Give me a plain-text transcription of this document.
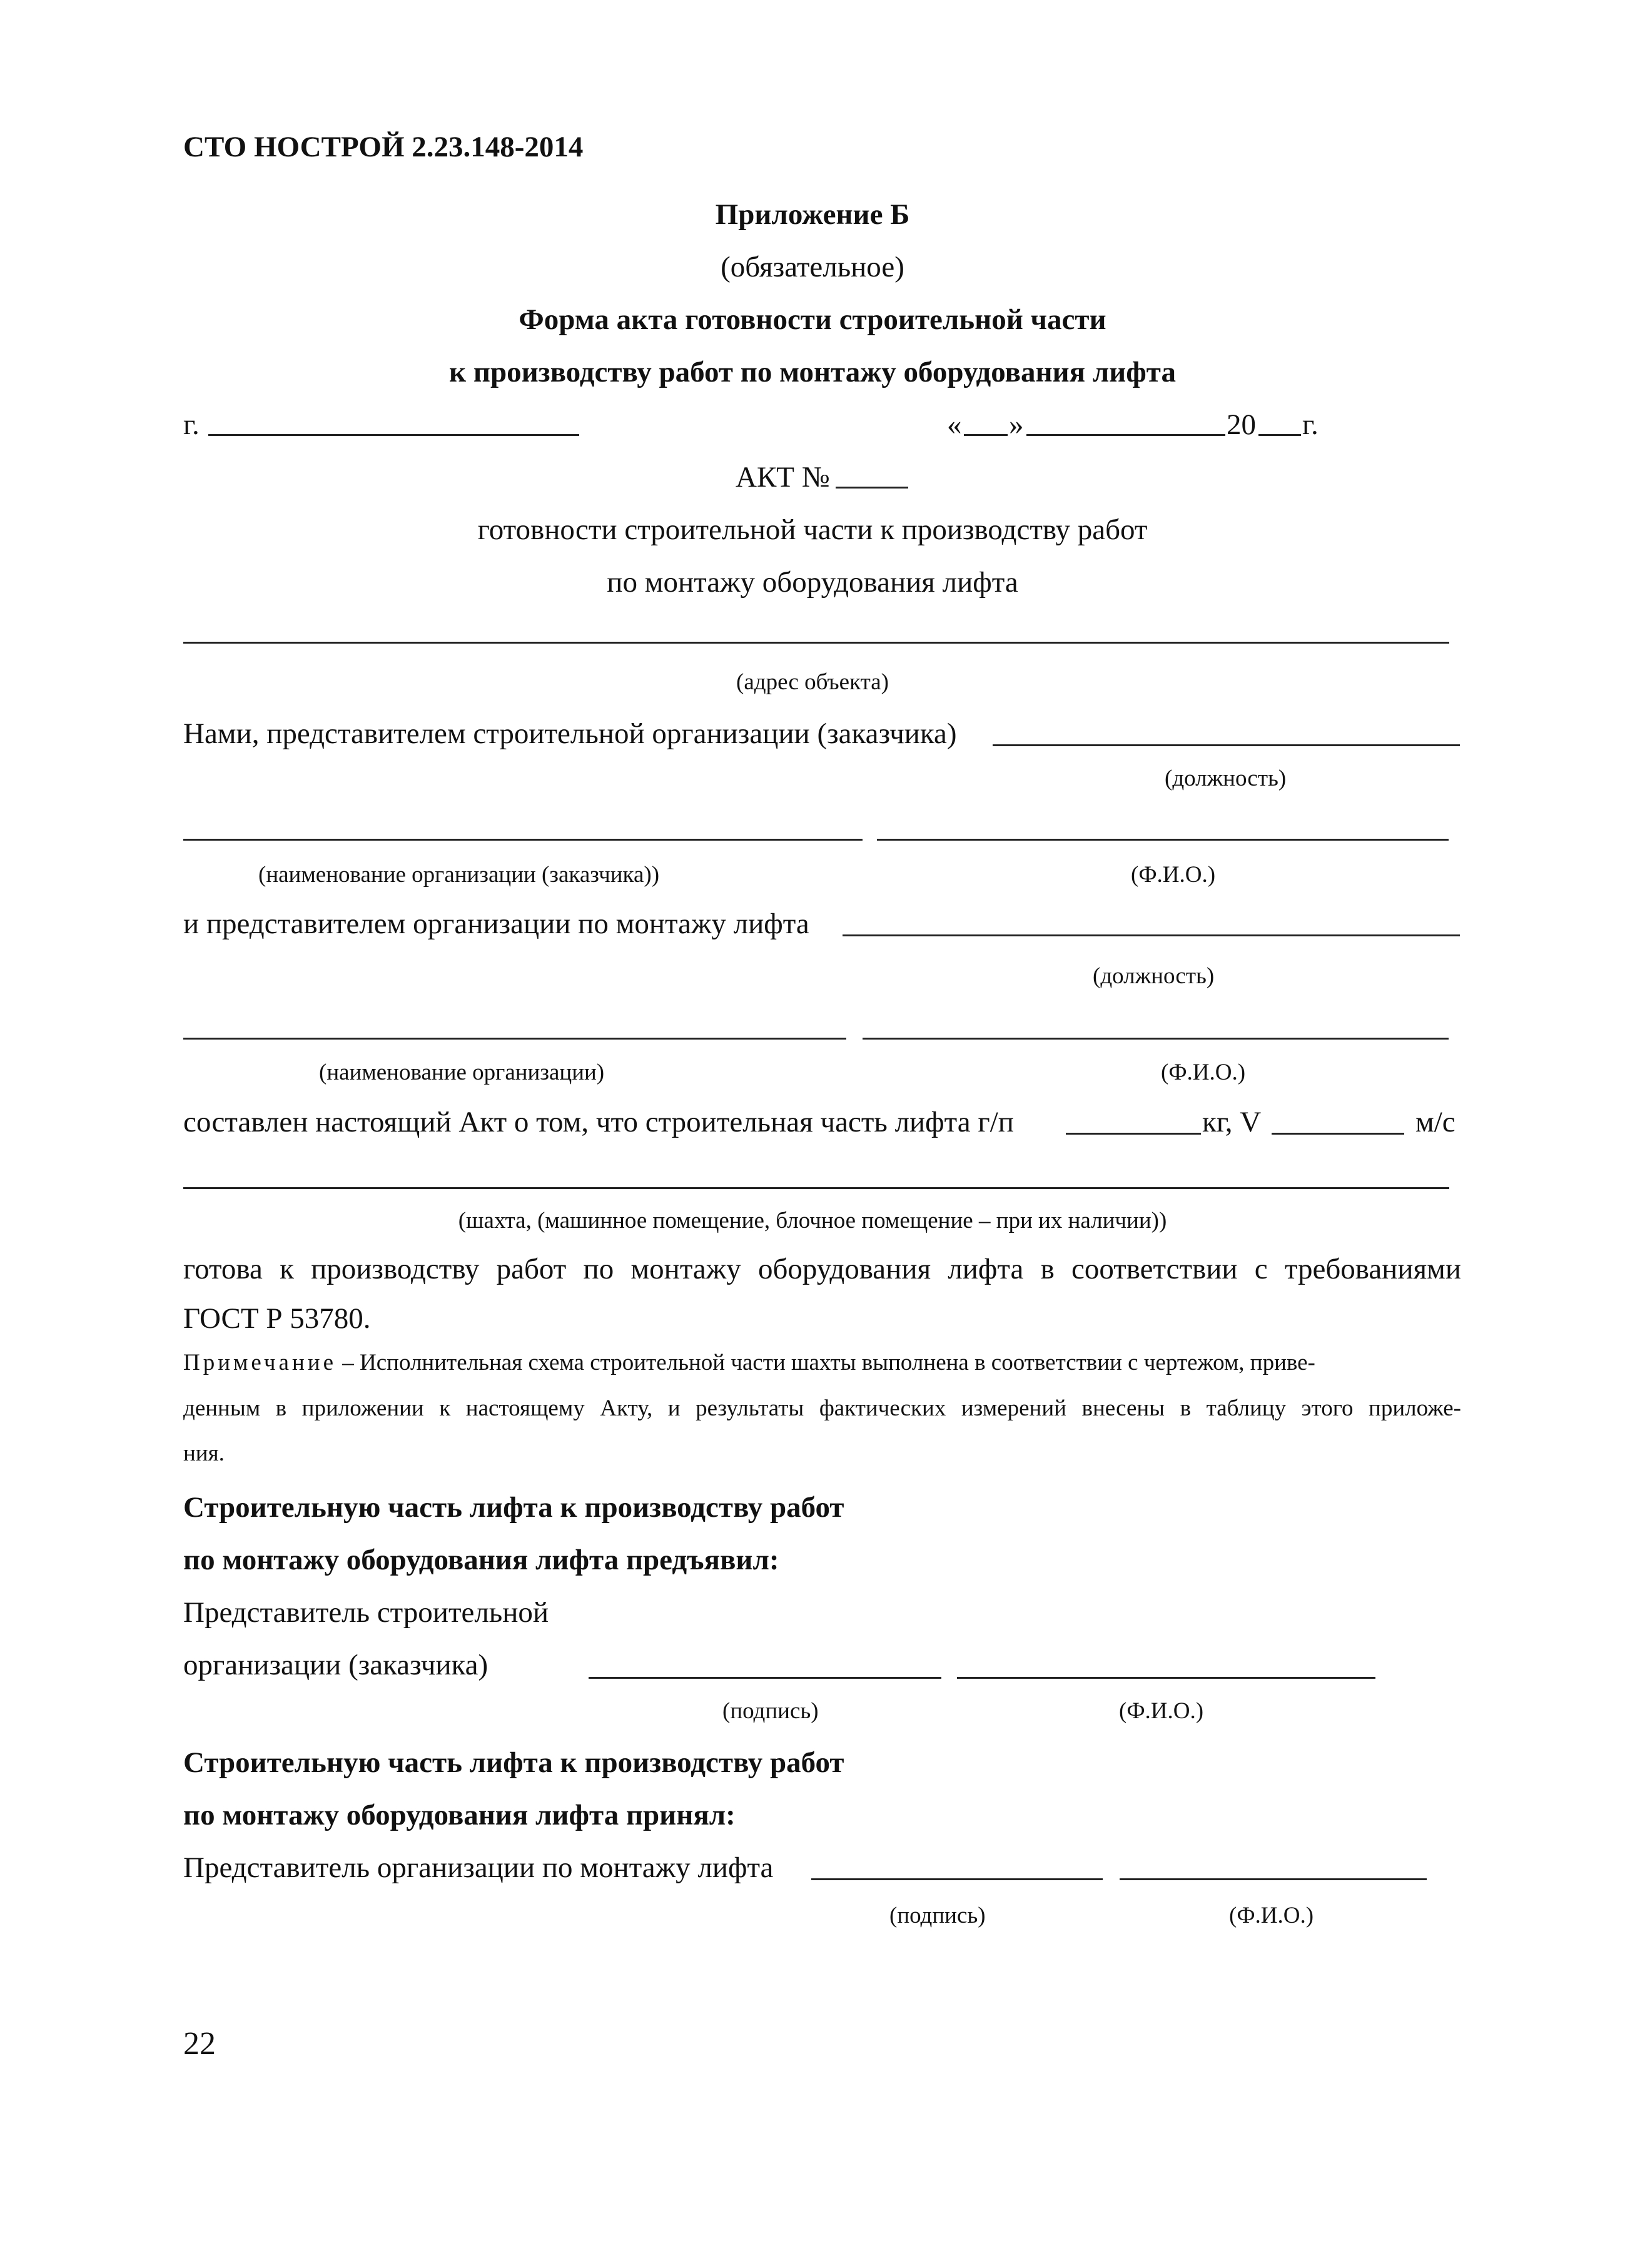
СТО НОСТРОЙ 2.23.148-2014
Приложение Б
(обязательное)
Форма акта готовности строительной части
к производству работ по монтажу оборудования лифта
г.	« »	20 г.
АКТ №
готовности строительной части к производству работ
по монтажу оборудования лифта
(адрес объекта)
Нами, представителем строительной организации (заказчика)
(должность)
(наименование организации (заказчика))	(Ф.И.О.)
и представителем организации по монтажу лифта
(должность)
(наименование организации)	(Ф.И.О.)
составлен настоящий Акт о том, что строительная часть лифта г/п	кг, V	м/с
(шахта, (машинное помещение, блочное помещение – при их наличии))
готова к производству работ по монтажу оборудования лифта в соответствии с требованиями
ГОСТ Р 53780.
Примечание – Исполнительная схема строительной части шахты выполнена в соответствии с чертежом, приве-
денным в приложении к настоящему Акту, и результаты фактических измерений внесены в таблицу этого приложе-
ния.
Строительную часть лифта к производству работ
по монтажу оборудования лифта предъявил:
Представитель строительной
организации (заказчика)
(подпись)	(Ф.И.О.)
Строительную часть лифта к производству работ
по монтажу оборудования лифта принял:
Представитель организации по монтажу лифта
(подпись)	(Ф.И.О.)
22
